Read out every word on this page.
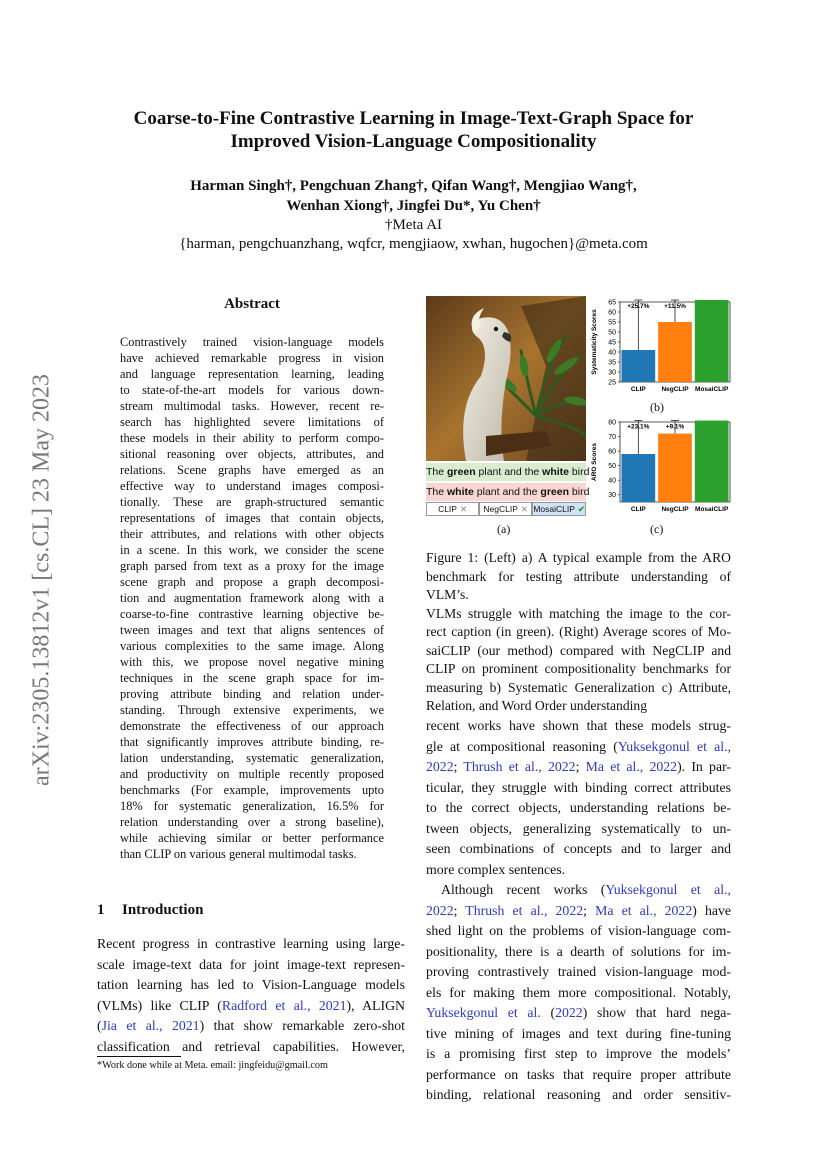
Coarse-to-Fine Contrastive Learning in Image-Text-Graph Space for
Improved Vision-Language Compositionality
Harman Singh†, Pengchuan Zhang†, Qifan Wang†, Mengjiao Wang†,
Wenhan Xiong†, Jingfei Du*, Yu Chen†
†Meta AI
{harman, pengchuanzhang, wqfcr, mengjiaow, xwhan, hugochen}@meta.com
arXiv:2305.13812v1 [cs.CL] 23 May 2023
Abstract
Contrastively trained vision-language models
have achieved remarkable progress in vision
and language representation learning, leading
to state-of-the-art models for various down-
stream multimodal tasks. However, recent re-
search has highlighted severe limitations of
these models in their ability to perform compo-
sitional reasoning over objects, attributes, and
relations. Scene graphs have emerged as an
effective way to understand images composi-
tionally. These are graph-structured semantic
representations of images that contain objects,
their attributes, and relations with other objects
in a scene. In this work, we consider the scene
graph parsed from text as a proxy for the image
scene graph and propose a graph decomposi-
tion and augmentation framework along with a
coarse-to-fine contrastive learning objective be-
tween images and text that aligns sentences of
various complexities to the same image. Along
with this, we propose novel negative mining
techniques in the scene graph space for im-
proving attribute binding and relation under-
standing. Through extensive experiments, we
demonstrate the effectiveness of our approach
that significantly improves attribute binding, re-
lation understanding, systematic generalization,
and productivity on multiple recently proposed
benchmarks (For example, improvements upto
18% for systematic generalization, 16.5% for
relation understanding over a strong baseline),
while achieving similar or better performance
than CLIP on various general multimodal tasks.
1 Introduction
Recent progress in contrastive learning using large-
scale image-text data for joint image-text represen-
tation learning has led to Vision-Language models
(VLMs) like CLIP (Radford et al., 2021), ALIGN
(Jia et al., 2021) that show remarkable zero-shot
classification and retrieval capabilities. However,
*Work done while at Meta. email: jingfeidu@gmail.com
The green plant and the white bird
The white plant and the green bird
CLIP ✕ NegCLIP ✕ MosaiCLIP ✔
(a)
Systematicity Scores
25
30
35
40
45
50
55
60
65
CLIP NegCLIP MosaiCLIP
+25.7% +11.5%
(b)
ARO Scores
30
40
50
60
70
80
CLIP NegCLIP MosaiCLIP
+23.1% +9.1%
(c)
Figure 1: (Left) a) A typical example from the ARO
benchmark for testing attribute understanding of VLM’s.
VLMs struggle with matching the image to the cor-
rect caption (in green). (Right) Average scores of Mo-
saiCLIP (our method) compared with NegCLIP and
CLIP on prominent compositionality benchmarks for
measuring b) Systematic Generalization c) Attribute,
Relation, and Word Order understanding
recent works have shown that these models strug-
gle at compositional reasoning (Yuksekgonul et al.,
2022; Thrush et al., 2022; Ma et al., 2022). In par-
ticular, they struggle with binding correct attributes
to the correct objects, understanding relations be-
tween objects, generalizing systematically to un-
seen combinations of concepts and to larger and
more complex sentences.
Although recent works (Yuksekgonul et al.,
2022; Thrush et al., 2022; Ma et al., 2022) have
shed light on the problems of vision-language com-
positionality, there is a dearth of solutions for im-
proving contrastively trained vision-language mod-
els for making them more compositional. Notably,
Yuksekgonul et al. (2022) show that hard nega-
tive mining of images and text during fine-tuning
is a promising first step to improve the models’
performance on tasks that require proper attribute
binding, relational reasoning and order sensitiv-
